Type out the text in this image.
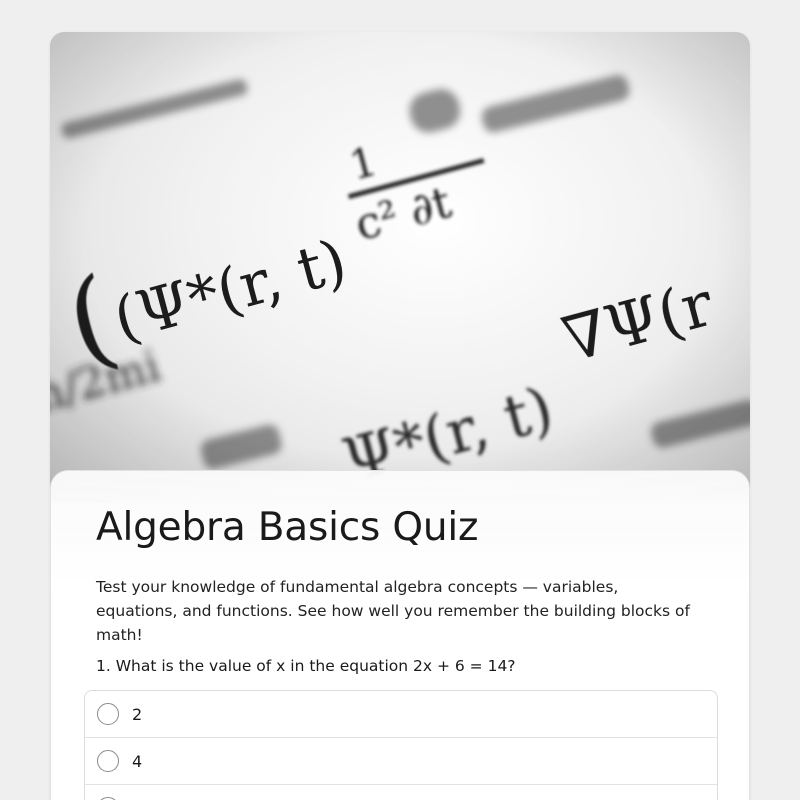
Algebra Basics Quiz

Test your knowledge of fundamental algebra concepts — variables, equations, and functions. See how well you remember the building blocks of math!

1. What is the value of x in the equation 2x + 6 = 14?

2
4
